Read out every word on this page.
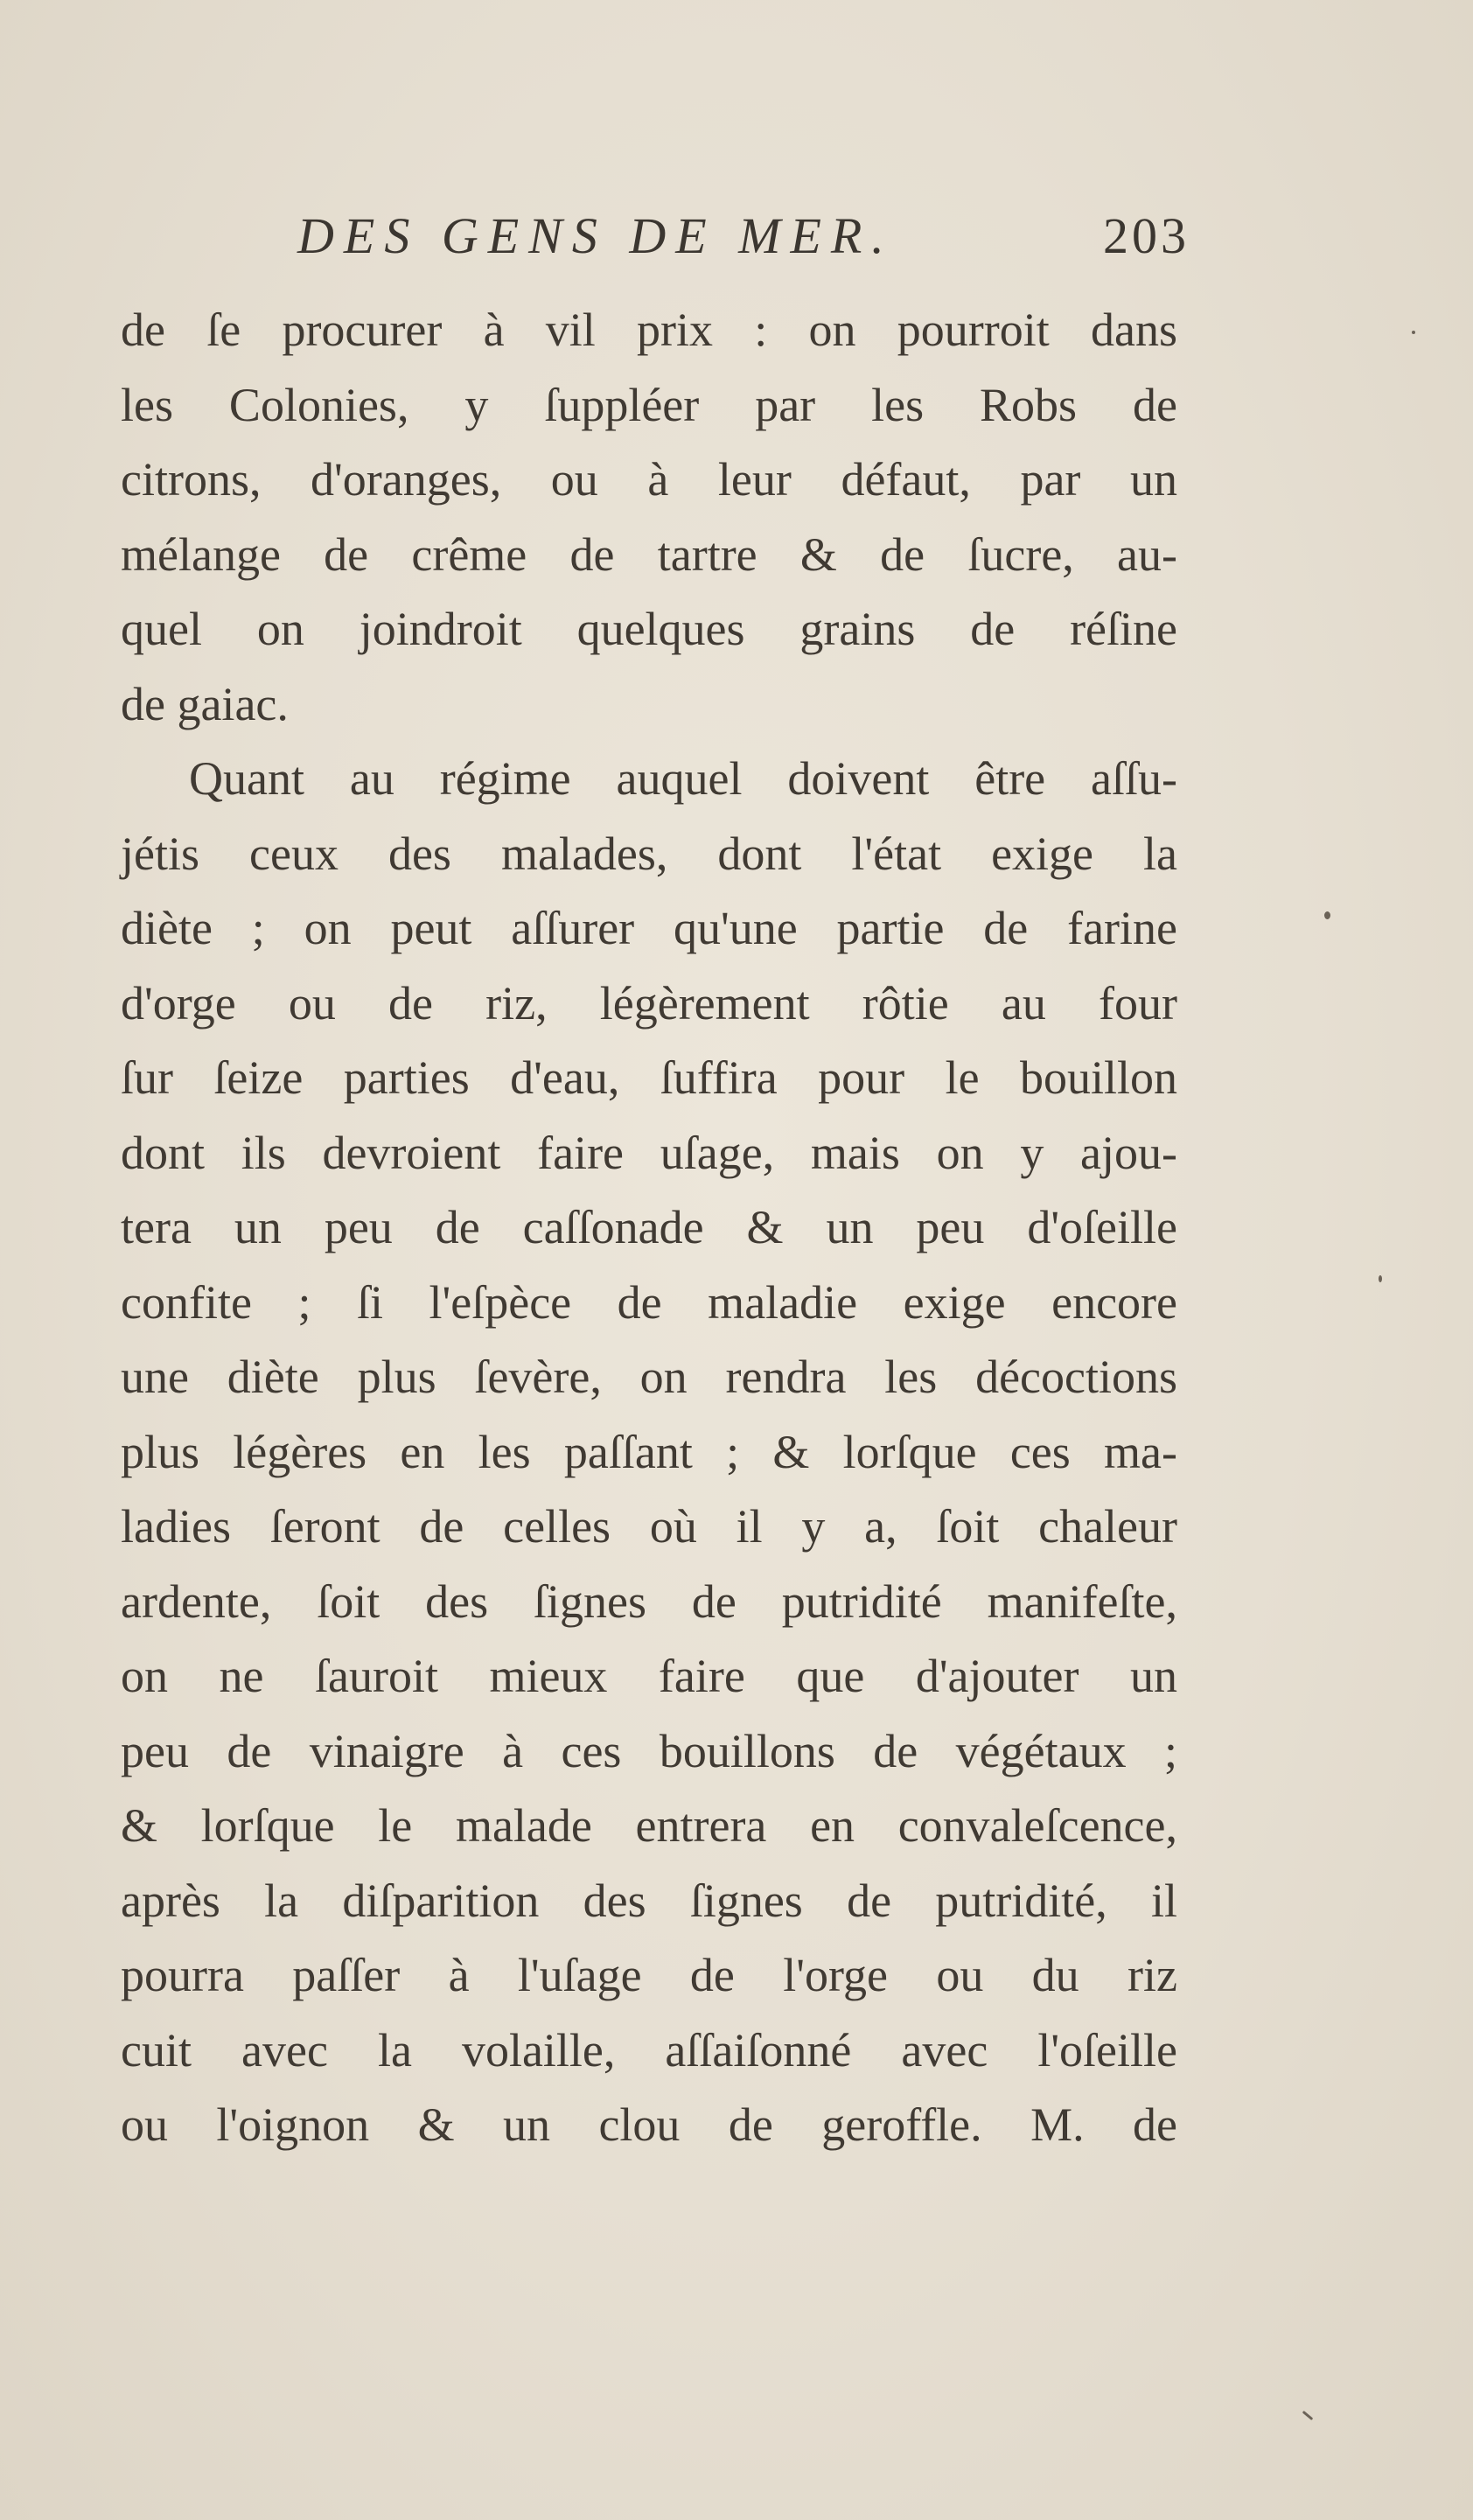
DES GENS DE MER.	203
de ſe procurer à vil prix : on pourroit dans
les Colonies, y ſuppléer par les Robs de
citrons, d'oranges, ou à leur défaut, par un
mélange de crême de tartre & de ſucre, au-
quel on joindroit quelques grains de réſine
de gaiac.
Quant au régime auquel doivent être aſſu-
jétis ceux des malades, dont l'état exige la
diète ; on peut aſſurer qu'une partie de farine
d'orge ou de riz, légèrement rôtie au four
ſur ſeize parties d'eau, ſuffira pour le bouillon
dont ils devroient faire uſage, mais on y ajou-
tera un peu de caſſonade & un peu d'oſeille
confite ; ſi l'eſpèce de maladie exige encore
une diète plus ſevère, on rendra les décoctions
plus légères en les paſſant ; & lorſque ces ma-
ladies ſeront de celles où il y a, ſoit chaleur
ardente, ſoit des ſignes de putridité manifeſte,
on ne ſauroit mieux faire que d'ajouter un
peu de vinaigre à ces bouillons de végétaux ;
& lorſque le malade entrera en convaleſcence,
après la diſparition des ſignes de putridité, il
pourra paſſer à l'uſage de l'orge ou du riz
cuit avec la volaille, aſſaiſonné avec l'oſeille
ou l'oignon & un clou de geroffle. M. de
